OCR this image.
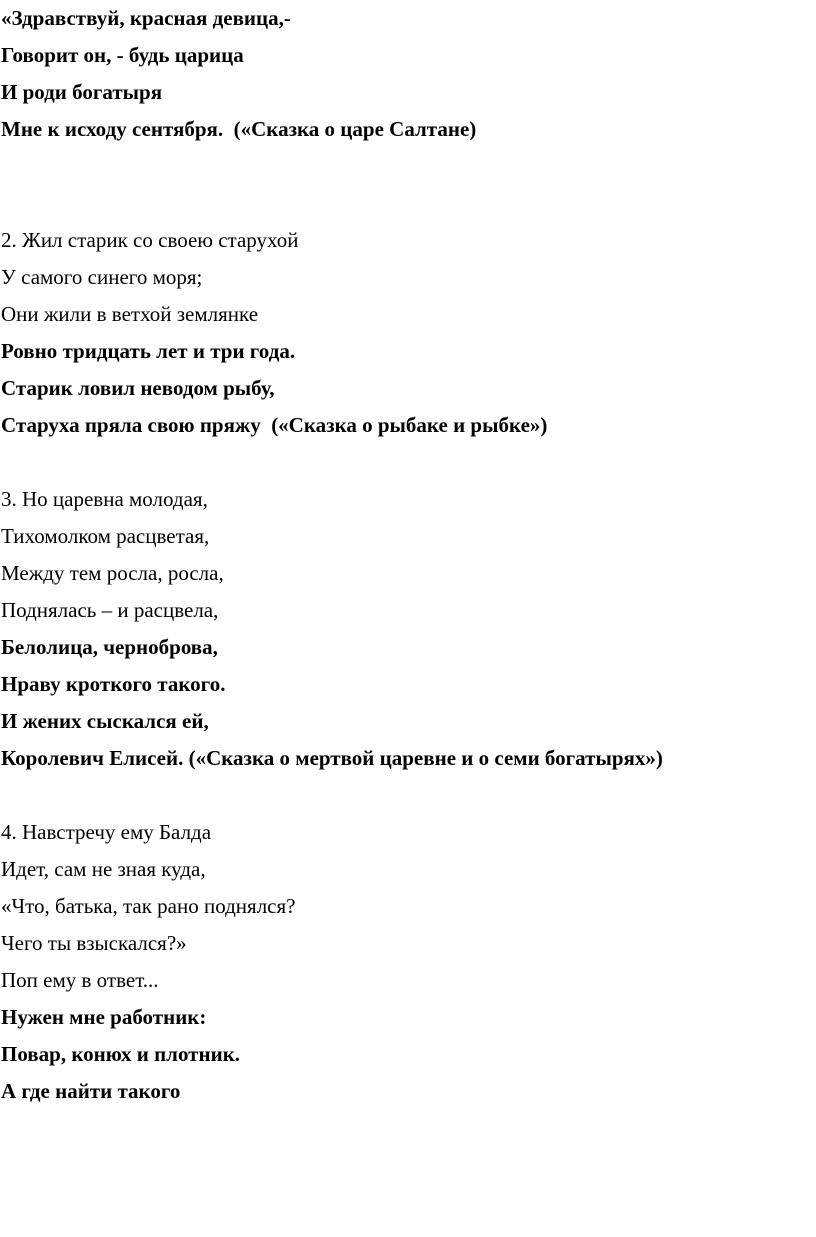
«Здравствуй, красная девица,-
Говорит он, - будь царица
И роди богатыря
Мне к исходу сентября.  («Сказка о царе Салтане)
2. Жил старик со своею старухой
У самого синего моря;
Они жили в ветхой землянке
Ровно тридцать лет и три года.
Старик ловил неводом рыбу,
Старуха пряла свою пряжу  («Сказка о рыбаке и рыбке»)
3. Но царевна молодая,
Тихомолком расцветая,
Между тем росла, росла,
Поднялась – и расцвела,
Белолица, черноброва,
Нраву кроткого такого.
И жених сыскался ей,
Королевич Елисей. («Сказка о мертвой царевне и о семи богатырях»)
4. Навстречу ему Балда
Идет, сам не зная куда,
«Что, батька, так рано поднялся?
Чего ты взыскался?»
Поп ему в ответ...
Нужен мне работник:
Повар, конюх и плотник.
А где найти такого
